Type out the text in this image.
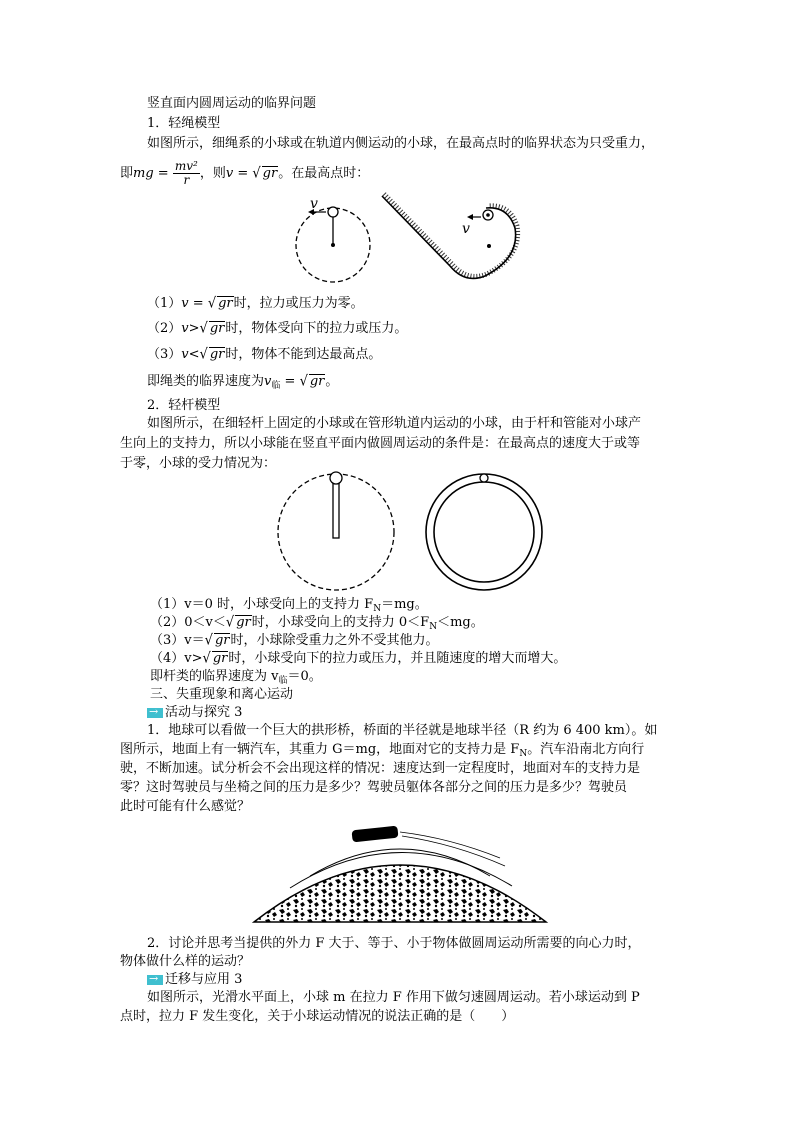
竖直面内圆周运动的临界问题
1．轻绳模型
如图所示，细绳系的小球或在轨道内侧运动的小球，在最高点时的临界状态为只受重力，
即mg = $\frac{\text{mv²}}{r}$ ，则v = √ gr。在最高点时：
v
v
（1）v = √ gr时，拉力或压力为零。
（2）v>√ gr时，物体受向下的拉力或压力。
（3）v<√ gr时，物体不能到达最高点。
即绳类的临界速度为$v_临$ = √ gr。
2．轻杆模型
如图所示，在细轻杆上固定的小球或在管形轨道内运动的小球，由于杆和管能对小球产
生向上的支持力，所以小球能在竖直平面内做圆周运动的条件是：在最高点的速度大于或等
于零，小球的受力情况为：
（1）v＝0 时，小球受向上的支持力 $F_N=mg$。
（2）0＜v＜√ gr时，小球受向上的支持力 $0<F_N<mg$。
（3）v＝√ gr时，小球除受重力之外不受其他力。
（4）v>√ gr时，小球受向下的拉力或压力，并且随速度的增大而增大。
即杆类的临界速度为 $v_临=0$。
三、失重现象和离心运动
→活动与探究 3
1．地球可以看做一个巨大的拱形桥，桥面的半径就是地球半径（R 约为 6 400 km）。如
图所示，地面上有一辆汽车，其重力 G＝mg，地面对它的支持力是 $F_N$。汽车沿南北方向行
驶，不断加速。试分析会不会出现这样的情况：速度达到一定程度时，地面对车的支持力是
零？这时驾驶员与坐椅之间的压力是多少？驾驶员躯体各部分之间的压力是多少？驾驶员
此时可能有什么感觉？
2．讨论并思考当提供的外力 F 大于、等于、小于物体做圆周运动所需要的向心力时，
物体做什么样的运动？
→迁移与应用 3
如图所示，光滑水平面上，小球 m 在拉力 F 作用下做匀速圆周运动。若小球运动到 P
点时，拉力 F 发生变化，关于小球运动情况的说法正确的是（　　）
